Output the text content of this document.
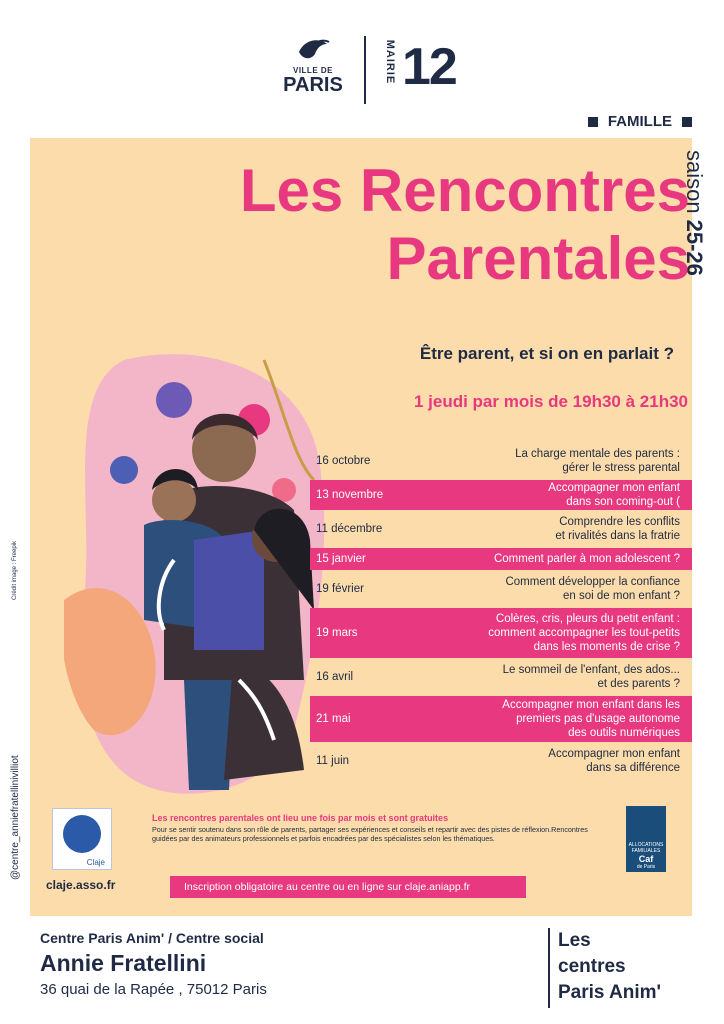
VILLE DE
PARIS
MAIRIE 12
FAMILLE
saison25-26
Les Rencontres
Parentales
Être parent, et si on en parlait ?
1 jeudi par mois de 19h30 à 21h30
Crédit image : Freepik
@centre_anniefratellinivilliot
16 octobre
La charge mentale des parents :
gérer le stress parental
13 novembre
Accompagner mon enfant
dans son coming-out (
11 décembre
Comprendre les conflits
et rivalités dans la fratrie
15 janvier	Comment parler à mon adolescent ?
19 février
Comment développer la confiance
en soi de mon enfant ?
19 mars
Colères, cris, pleurs du petit enfant :
comment accompagner les tout-petits
dans les moments de crise ?
16 avril
Le sommeil de l'enfant, des ados...
et des parents ?
21 mai
Accompagner mon enfant dans les
premiers pas d'usage autonome
des outils numériques
11 juin
Accompagner mon enfant
dans sa différence
Claje
claje.asso.fr
Les rencontres parentales ont lieu une fois par mois et sont gratuites
Pour se sentir soutenu dans son rôle de parents, partager ses expériences et conseils et repartir avec des pistes de réflexion.Rencontres guidées par des animateurs professionnels et parfois encadrées par des spécialistes selon les thématiques.
Inscription obligatoire au centre ou en ligne sur claje.aniapp.fr
ALLOCATIONS FAMILIALES
Caf
de Paris
Centre Paris Anim' / Centre social
Annie Fratellini
36 quai de la Rapée , 75012 Paris
Les
centres
Paris Anim'
